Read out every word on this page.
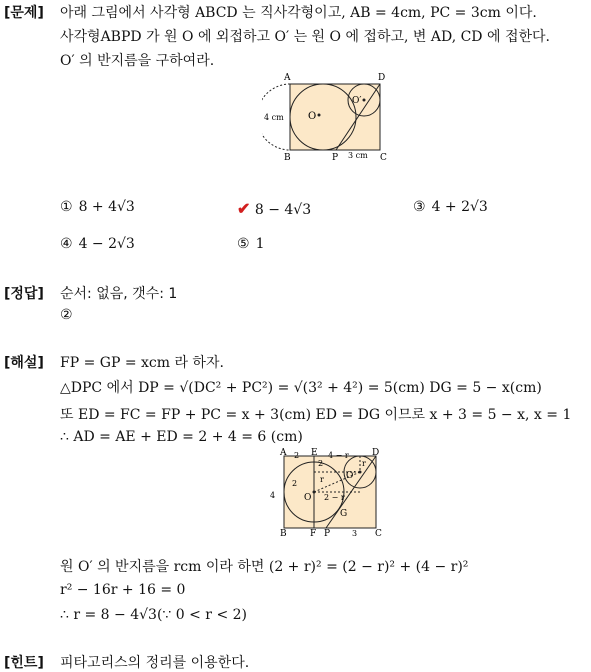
[문제] 아래 그림에서 사각형 ABCD 는 직사각형이고, AB = 4cm, PC = 3cm 이다.
사각형ABPD 가 원 O 에 외접하고 O′ 는 원 O 에 접하고, 변 AD, CD 에 접한다.
O′ 의 반지름을 구하여라.
A	D
B	P	C
O
O′
4 cm
3 cm
① 8 + 4√3	✔ 8 − 4√3	③ 4 + 2√3
④ 4 − 2√3	⑤ 1
[정답] 순서: 없음, 갯수: 1
②
[해설] FP = GP = xcm 라 하자.
△DPC 에서 DP = √(DC² + PC²) = √(3² + 4²) = 5(cm) DG = 5 − x(cm)
또 ED = FC = FP + PC = x + 3(cm) ED = DG 이므로 x + 3 = 5 − x, x = 1
∴ AD = AE + ED = 2 + 4 = 6 (cm)
A 2 E 4 − r	D
4
2
2
r
r
O′
2 − r
O
G
B	F P	3 C
원 O′ 의 반지름을 rcm 이라 하면 (2 + r)² = (2 − r)² + (4 − r)²
r² − 16r + 16 = 0
∴ r = 8 − 4√3(∵ 0 < r < 2)
[힌트] 피타고리스의 정리를 이용한다.
